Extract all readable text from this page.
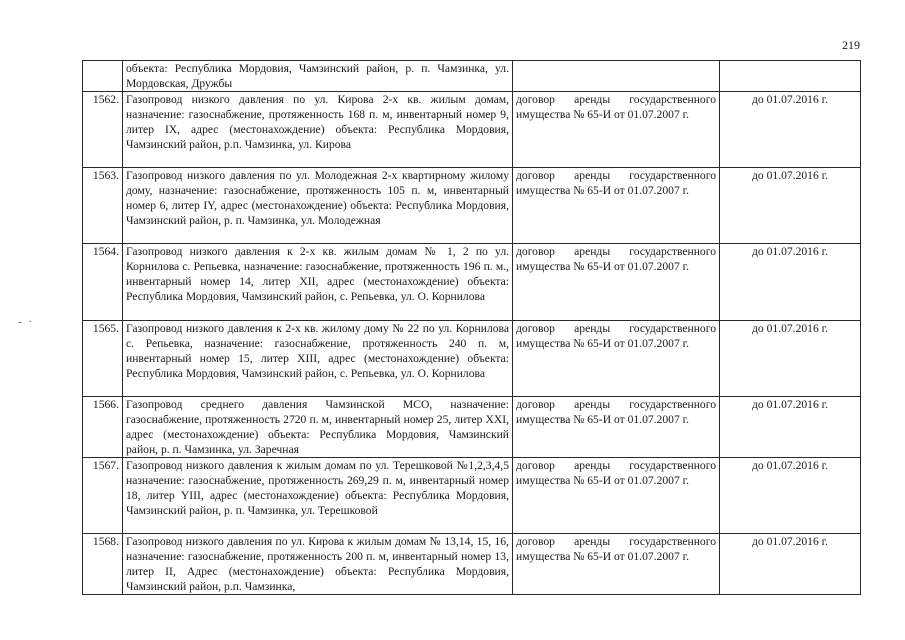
219
‐ ·

	объекта: Республика Мордовия, Чамзинский район, р. п. Чамзинка, ул. Мордовская, Дружбы		

1562.	Газопровод низкого давления по ул. Кирова 2-х кв. жилым домам, назначение: газоснабжение, протяженность 168 п. м, инвентарный номер 9, литер IX, адрес (местонахождение) объекта: Республика Мордовия, Чамзинский район, р.п. Чамзинка, ул. Кирова	договор аренды государственного имущества № 65-И от 01.07.2007 г.	до 01.07.2016 г.
1563.	Газопровод низкого давления по ул. Молодежная 2-х квартирному жилому дому, назначение: газоснабжение, протяженность 105 п. м, инвентарный номер 6, литер IY, адрес (местонахождение) объекта: Республика Мордовия, Чамзинский район, р. п. Чамзинка, ул. Молодежная	договор аренды государственного имущества № 65-И от 01.07.2007 г.	до 01.07.2016 г.
1564.	Газопровод низкого давления к 2-х кв. жилым домам № 1, 2 по ул. Корнилова с. Репьевка, назначение: газоснабжение, протяженность 196 п. м., инвентарный номер 14, литер XII, адрес (местонахождение) объекта: Республика Мордовия, Чамзинский район, с. Репьевка, ул. О. Корнилова	договор аренды государственного имущества № 65-И от 01.07.2007 г.	до 01.07.2016 г.
1565.	Газопровод низкого давления к 2-х кв. жилому дому № 22 по ул. Корнилова с. Репьевка, назначение: газоснабжение, протяженность 240 п. м, инвентарный номер 15, литер XIII, адрес (местонахождение) объекта: Республика Мордовия, Чамзинский район, с. Репьевка, ул. О. Корнилова	договор аренды государственного имущества № 65-И от 01.07.2007 г.	до 01.07.2016 г.
1566.	Газопровод среднего давления Чамзинской МСО, назначение: газоснабжение, протяженность 2720 п. м, инвентарный номер 25, литер XXI, адрес (местонахождение) объекта: Республика Мордовия, Чамзинский район, р. п. Чамзинка, ул. Заречная	договор аренды государственного имущества № 65-И от 01.07.2007 г.	до 01.07.2016 г.
1567.	Газопровод низкого давления к жилым домам по ул. Терешковой №1,2,3,4,5 назначение: газоснабжение, протяженность 269,29 п. м, инвентарный номер 18, литер YIII, адрес (местонахождение) объекта: Республика Мордовия, Чамзинский район, р. п. Чамзинка, ул. Терешковой	договор аренды государственного имущества № 65-И от 01.07.2007 г.	до 01.07.2016 г.
1568.	Газопровод низкого давления по ул. Кирова к жилым домам № 13,14, 15, 16, назначение: газоснабжение, протяженность 200 п. м, инвентарный номер 13, литер II, Адрес (местонахождение) объекта: Республика Мордовия, Чамзинский район, р.п. Чамзинка,	договор аренды государственного имущества № 65-И от 01.07.2007 г.	до 01.07.2016 г.
